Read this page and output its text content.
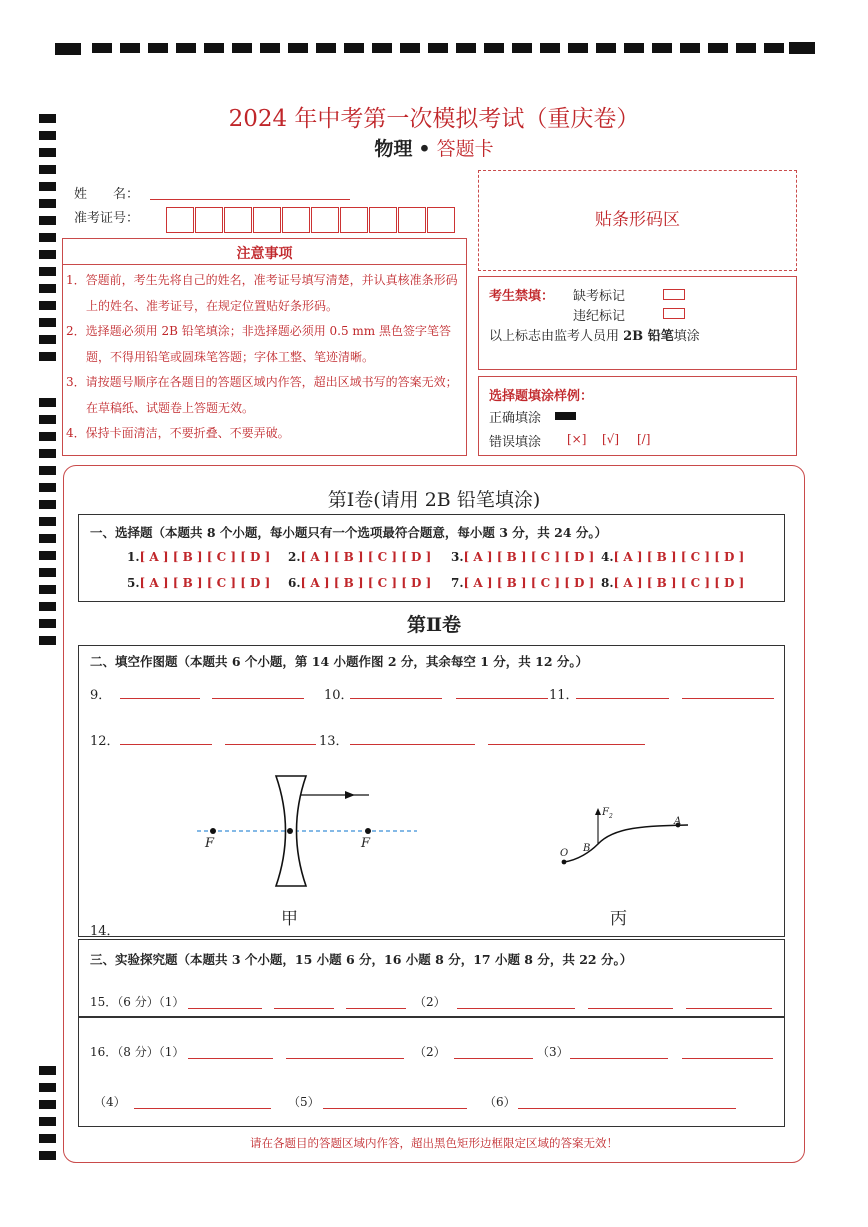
2024 年中考第一次模拟考试（重庆卷）
物理 • 答题卡
姓　　名：
准考证号：	贴条形码区
注意事项

1．答题前，考生先将自己的姓名，准考证号填写清楚，并认真核准条形码上的姓名、准考证号，在规定位置贴好条形码。

2．选择题必须用 2B 铅笔填涂；非选择题必须用 0.5 mm 黑色签字笔答题，不得用铅笔或圆珠笔答题；字体工整、笔迹清晰。

3．请按题号顺序在各题目的答题区域内作答，超出区域书写的答案无效；在草稿纸、试题卷上答题无效。

4．保持卡面清洁，不要折叠、不要弄破。

考生禁填： 缺考标记
违纪标记
以上标志由监考人员用 2B 铅笔填涂
选择题填涂样例：
正确填涂
错误填涂 [×] [√] [/]
第Ⅰ卷(请用 2B 铅笔填涂)
一、选择题（本题共 8 个小题，每小题只有一个选项最符合题意，每小题 3 分，共 24 分。）
1.[ A ] [ B ] [ C ] [ D ] 2.[ A ] [ B ] [ C ] [ D ] 3.[ A ] [ B ] [ C ] [ D ] 4.[ A ] [ B ] [ C ] [ D ]
5.[ A ] [ B ] [ C ] [ D ] 6.[ A ] [ B ] [ C ] [ D ] 7.[ A ] [ B ] [ C ] [ D ] 8.[ A ] [ B ] [ C ] [ D ]
第Ⅱ卷
二、填空作图题（本题共 6 个小题，第 14 小题作图 2 分，其余每空 1 分，共 12 分。）
9．	10．	11．
12．	13．
14．
F	F
甲
$F_2$
O B
A
丙
三、实验探究题（本题共 3 个小题，15 小题 6 分，16 小题 8 分，17 小题 8 分，共 22 分。）
15．（6 分）（1）	（2）
16．（8 分）（1）	（2）	（3）
（4）	（5）	（6）
请在各题目的答题区域内作答，超出黑色矩形边框限定区域的答案无效！
